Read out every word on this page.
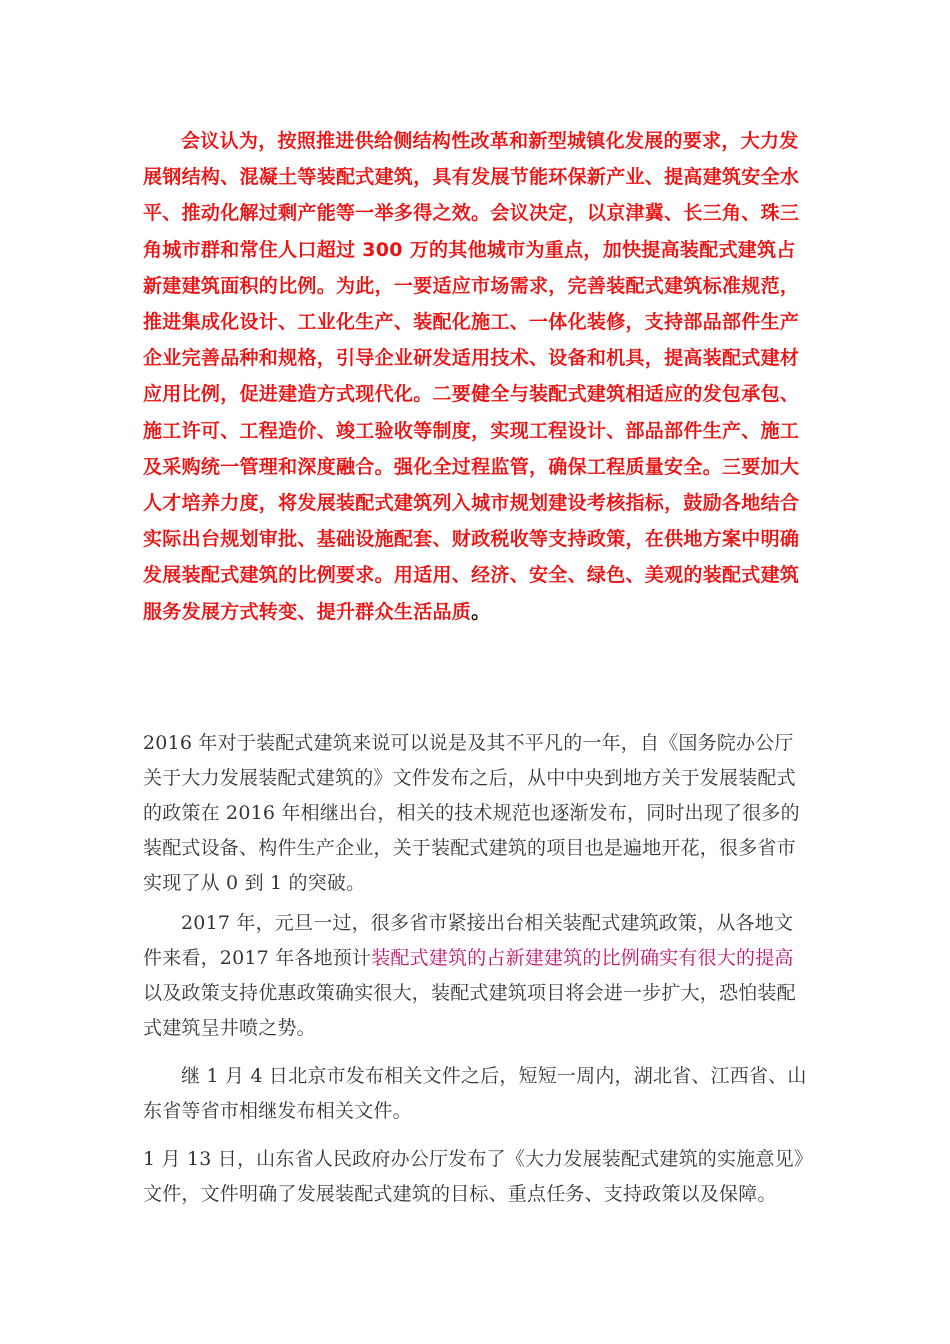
会议认为，按照推进供给侧结构性改革和新型城镇化发展的要求，大力发展钢结构、混凝土等装配式建筑，具有发展节能环保新产业、提高建筑安全水平、推动化解过剩产能等一举多得之效。会议决定，以京津冀、长三角、珠三角城市群和常住人口超过 300 万的其他城市为重点，加快提高装配式建筑占新建建筑面积的比例。为此，一要适应市场需求，完善装配式建筑标准规范，推进集成化设计、工业化生产、装配化施工、一体化装修，支持部品部件生产企业完善品种和规格，引导企业研发适用技术、设备和机具，提高装配式建材应用比例，促进建造方式现代化。二要健全与装配式建筑相适应的发包承包、施工许可、工程造价、竣工验收等制度，实现工程设计、部品部件生产、施工及采购统一管理和深度融合。强化全过程监管，确保工程质量安全。三要加大人才培养力度，将发展装配式建筑列入城市规划建设考核指标，鼓励各地结合实际出台规划审批、基础设施配套、财政税收等支持政策，在供地方案中明确发展装配式建筑的比例要求。用适用、经济、安全、绿色、美观的装配式建筑服务发展方式转变、提升群众生活品质。

2016 年对于装配式建筑来说可以说是及其不平凡的一年，自《国务院办公厅关于大力发展装配式建筑的》文件发布之后，从中中央到地方关于发展装配式的政策在 2016 年相继出台，相关的技术规范也逐渐发布，同时出现了很多的装配式设备、构件生产企业，关于装配式建筑的项目也是遍地开花，很多省市实现了从 0 到 1 的突破。

2017 年，元旦一过，很多省市紧接出台相关装配式建筑政策，从各地文件来看，2017 年各地预计装配式建筑的占新建建筑的比例确实有很大的提高以及政策支持优惠政策确实很大，装配式建筑项目将会进一步扩大，恐怕装配式建筑呈井喷之势。

继 1 月 4 日北京市发布相关文件之后，短短一周内，湖北省、江西省、山东省等省市相继发布相关文件。

1 月 13 日，山东省人民政府办公厅发布了《大力发展装配式建筑的实施意见》文件，文件明确了发展装配式建筑的目标、重点任务、支持政策以及保障。
